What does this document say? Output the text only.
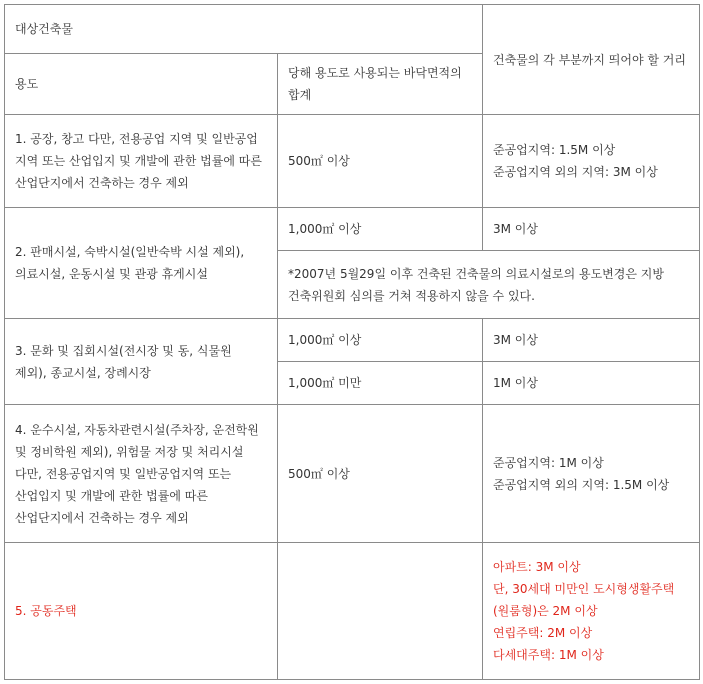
대상건축물		건축물의 각 부분까지 띄어야 할 거리
용도	당해 용도로 사용되는 바닥면적의 합계	
1. 공장, 창고 다만, 전용공업 지역 및 일반공업 지역 또는 산업입지 및 개발에 관한 법률에 따른 산업단지에서 건축하는 경우 제외	500㎡ 이상	준공업지역: 1.5M 이상
준공업지역 외의 지역: 3M 이상

2. 판매시설, 숙박시설(일반숙박 시설 제외), 의료시설, 운동시설 및 관광 휴게시설	1,000㎡ 이상	3M 이상
	*2007년 5월29일 이후 건축된 건축물의 의료시설로의 용도변경은 지방 건축위원회 심의를 거쳐 적용하지 않을 수 있다.	
3. 문화 및 집회시설(전시장 및 동, 식물원 제외), 종교시설, 장례시장	1,000㎡ 이상	3M 이상
	1,000㎡ 미만	1M 이상
4. 운수시설, 자동차관련시설(주차장, 운전학원 및 정비학원 제외), 위험물 저장 및 처리시설 다만, 전용공업지역 및 일반공업지역 또는 산업입지 및 개발에 관한 법률에 따른 산업단지에서 건축하는 경우 제외	500㎡ 이상	준공업지역: 1M 이상
준공업지역 외의 지역: 1.5M 이상

5. 공동주택		아파트: 3M 이상
단, 30세대 미만인 도시형생활주택
(원룸형)은 2M 이상
연립주택: 2M 이상
다세대주택: 1M 이상
